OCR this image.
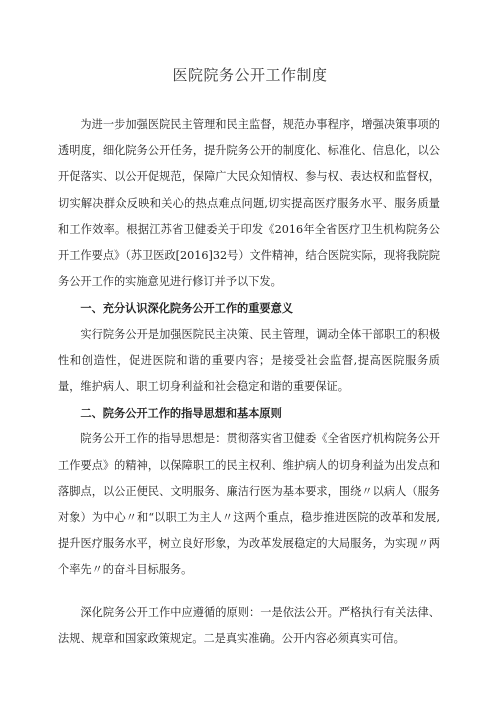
医院院务公开工作制度

为进一步加强医院民主管理和民主监督，规范办事程序，增强决策事项的透明度，细化院务公开任务，提升院务公开的制度化、标准化、信息化，以公开促落实、以公开促规范，保障广大民众知情权、参与权、表达权和监督权，切实解决群众反映和关心的热点难点问题,切实提高医疗服务水平、服务质量和工作效率。根据江苏省卫健委关于印发《2016年全省医疗卫生机构院务公开工作要点》（苏卫医政[2016]32号）文件精神，结合医院实际，现将我院院务公开工作的实施意见进行修订并予以下发。

一、充分认识深化院务公开工作的重要意义

实行院务公开是加强医院民主决策、民主管理，调动全体干部职工的积极性和创造性，促进医院和谐的重要内容；是接受社会监督,提高医院服务质量，维护病人、职工切身利益和社会稳定和谐的重要保证。

二、院务公开工作的指导思想和基本原则

院务公开工作的指导思想是：贯彻落实省卫健委《全省医疗机构院务公开工作要点》的精神，以保障职工的民主权利、维护病人的切身利益为出发点和落脚点，以公正便民、文明服务、廉洁行医为基本要求，围绕〃以病人（服务对象）为中心〃和“以职工为主人〃这两个重点，稳步推进医院的改革和发展,提升医疗服务水平，树立良好形象，为改革发展稳定的大局服务，为实现〃两个率先〃的奋斗目标服务。

深化院务公开工作中应遵循的原则：一是依法公开。严格执行有关法律、法规、规章和国家政策规定。二是真实准确。公开内容必须真实可信。
